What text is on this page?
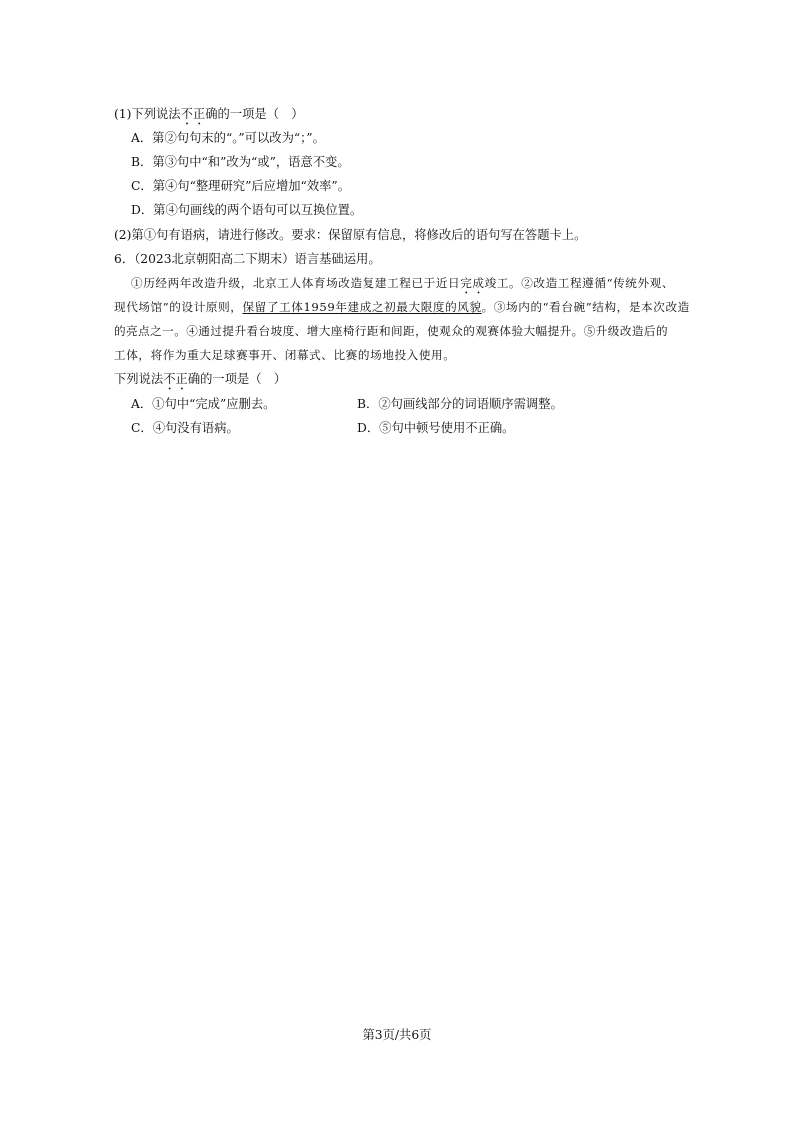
(1)下列说法不正确的一项是（　）
A．第②句句末的“。”可以改为“；”。
B．第③句中“和”改为“或”，语意不变。
C．第④句“整理研究”后应增加“效率”。
D．第④句画线的两个语句可以互换位置。
(2)第①句有语病，请进行修改。要求：保留原有信息，将修改后的语句写在答题卡上。
6．（2023北京朝阳高二下期末）语言基础运用。
①历经两年改造升级，北京工人体育场改造复建工程已于近日完成竣工。②改造工程遵循“传统外观、
现代场馆”的设计原则，保留了工体1959年建成之初最大限度的风貌。③场内的“看台碗”结构，是本次改造
的亮点之一。④通过提升看台坡度、增大座椅行距和间距，使观众的观赛体验大幅提升。⑤升级改造后的
工体，将作为重大足球赛事开、闭幕式、比赛的场地投入使用。
下列说法不正确的一项是（　）
A．①句中“完成”应删去。	B．②句画线部分的词语顺序需调整。
C．④句没有语病。	D．⑤句中顿号使用不正确。
第3页/共6页
